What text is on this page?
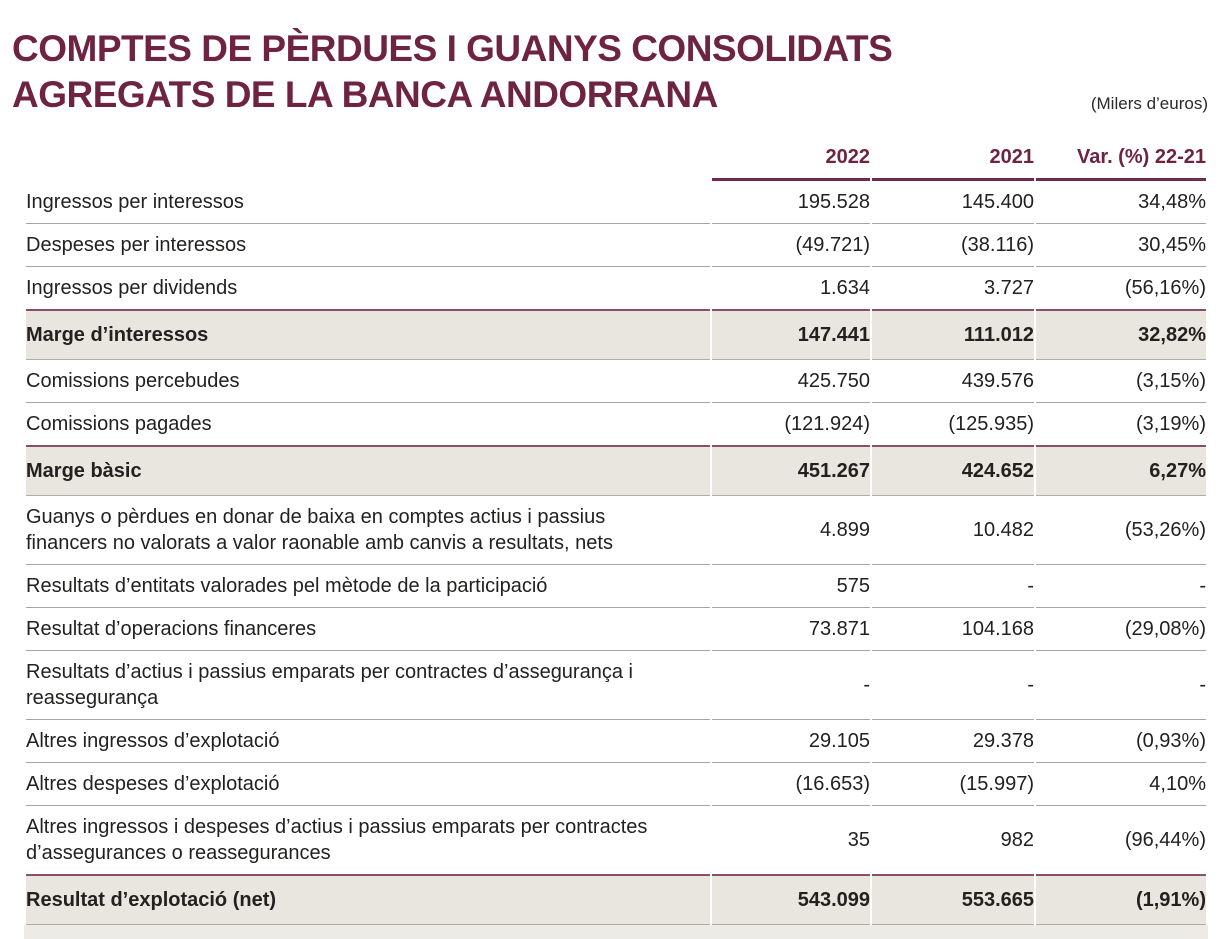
COMPTES DE PÈRDUES I GUANYS CONSOLIDATS
AGREGATS DE LA BANCA ANDORRANA	(Milers d’euros)
	2022	2021	Var. (%) 22-21
Ingressos per interessos	195.528	145.400	34,48%
Despeses per interessos	(49.721)	(38.116)	30,45%
Ingressos per dividends	1.634	3.727	(56,16%)
Marge d’interessos	147.441	111.012	32,82%
Comissions percebudes	425.750	439.576	(3,15%)
Comissions pagades	(121.924)	(125.935)	(3,19%)
Marge bàsic	451.267	424.652	6,27%
Guanys o pèrdues en donar de baixa en comptes actius i passius financers no valorats a valor raonable amb canvis a resultats, nets	4.899	10.482	(53,26%)
Resultats d’entitats valorades pel mètode de la participació	575	-	-
Resultat d’operacions financeres	73.871	104.168	(29,08%)
Resultats d’actius i passius emparats per contractes d’assegurança i reassegurança	-	-	-
Altres ingressos d’explotació	29.105	29.378	(0,93%)
Altres despeses d’explotació	(16.653)	(15.997)	4,10%
Altres ingressos i despeses d’actius i passius emparats per contractes d’assegurances o reassegurances	35	982	(96,44%)
Resultat d’explotació (net)	543.099	553.665	(1,91%)
